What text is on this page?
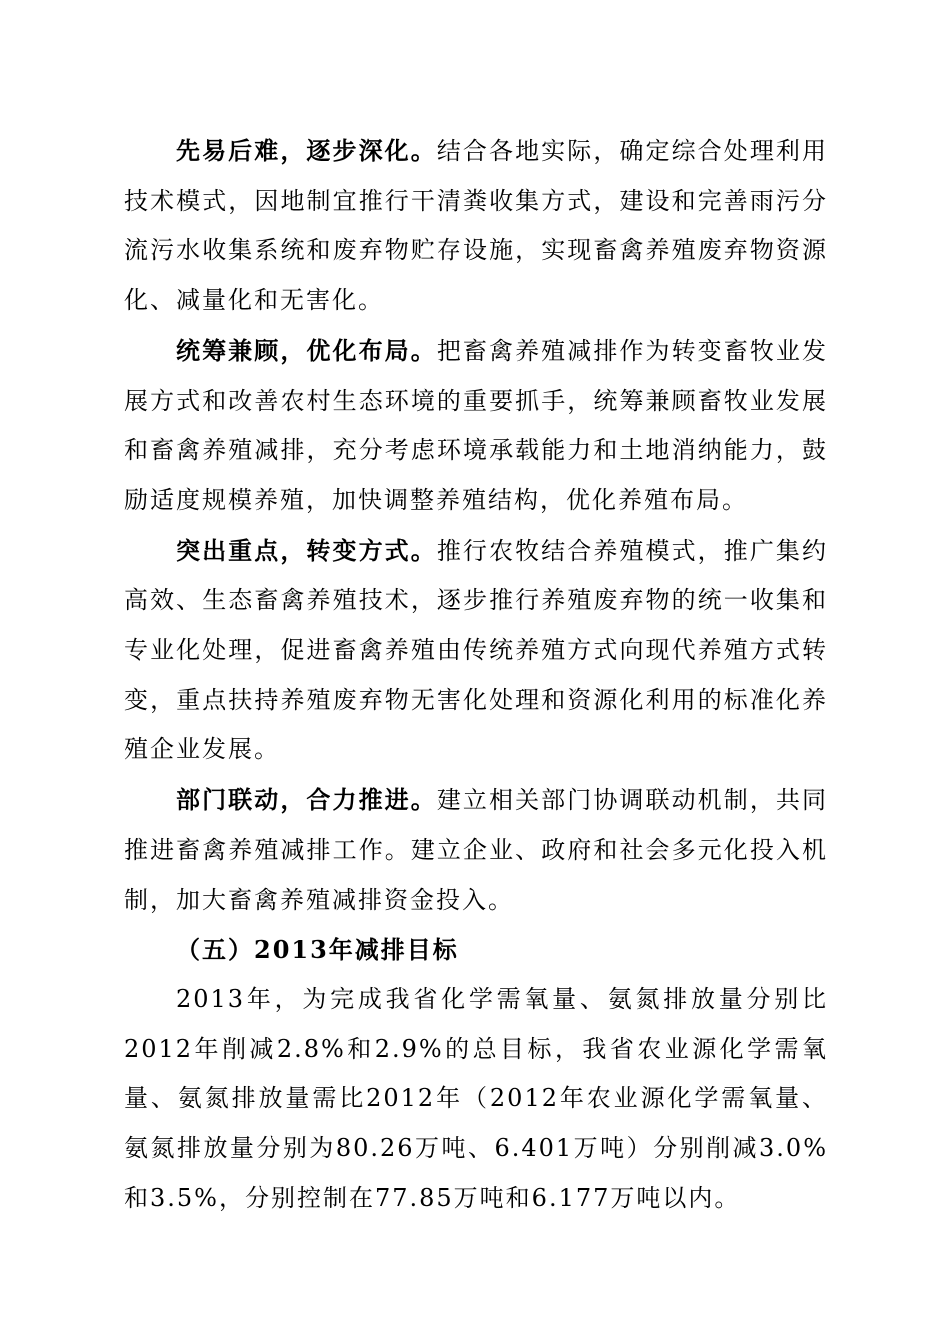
先易后难，逐步深化。结合各地实际，确定综合处理利用技术模式，因地制宜推行干清粪收集方式，建设和完善雨污分流污水收集系统和废弃物贮存设施，实现畜禽养殖废弃物资源化、减量化和无害化。

统筹兼顾，优化布局。把畜禽养殖减排作为转变畜牧业发展方式和改善农村生态环境的重要抓手，统筹兼顾畜牧业发展和畜禽养殖减排，充分考虑环境承载能力和土地消纳能力，鼓励适度规模养殖，加快调整养殖结构，优化养殖布局。

突出重点，转变方式。推行农牧结合养殖模式，推广集约高效、生态畜禽养殖技术，逐步推行养殖废弃物的统一收集和专业化处理，促进畜禽养殖由传统养殖方式向现代养殖方式转变，重点扶持养殖废弃物无害化处理和资源化利用的标准化养殖企业发展。

部门联动，合力推进。建立相关部门协调联动机制，共同推进畜禽养殖减排工作。建立企业、政府和社会多元化投入机制，加大畜禽养殖减排资金投入。

（五）2013年减排目标

2013年，为完成我省化学需氧量、氨氮排放量分别比2012年削减2.8%和2.9%的总目标，我省农业源化学需氧量、氨氮排放量需比2012年（2012年农业源化学需氧量、氨氮排放量分别为80.26万吨、6.401万吨）分别削减3.0%和3.5%，分别控制在77.85万吨和6.177万吨以内。
